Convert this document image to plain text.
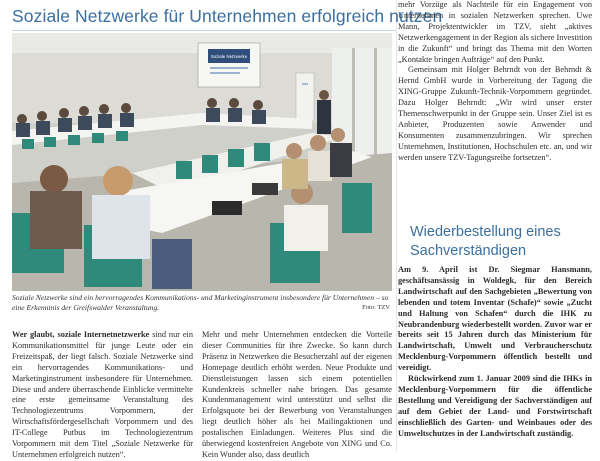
Soziale Netzwerke für Unternehmen erfolgreich nutzen
Soziale Netzwerke
nds
Soziale Netzwerke sind ein hervorragendes Kommunikations- und Marketinginstrument insbesondere für Unternehmen – so eine Erkenntnis der Greifswalder Veranstaltung.	Foto: TZV

Wer glaubt, soziale Internetnetzwerke sind nur ein Kommunikationsmittel für junge Leute oder ein Freizeitspaß, der liegt falsch. Soziale Netzwerke sind ein hervorragendes Kommunikations- und Marketinginstrument insbesondere für Unternehmen. Diese und andere überraschende Einblicke vermittelte eine erste gemeinsame Veranstaltung des Technologiezentrums Vorpommern, der Wirtschaftsfördergesellschaft Vorpommern und des IT-College Putbus im Technologiezentrum Vorpommern mit dem Titel „Soziale Netzwerke für Unternehmen erfolgreich nutzen“.

Mehr und mehr Unternehmen entdecken die Vorteile dieser Communities für ihre Zwecke. So kann durch Präsenz in Netzwerken die Besucherzahl auf der eigenen Homepage deutlich erhöht werden. Neue Produkte und Dienstleistungen lassen sich einem potentiellen Kundenkreis schneller nahe bringen. Das gesamte Kundenmanagement wird unterstützt und selbst die Erfolgsquote bei der Bewerbung von Veranstaltungen liegt deutlich höher als bei Mailingaktionen und postalischen Einladungen. Weiteres Plus sind die überwiegend kostenfreien Angebote von XING und Co. Kein Wunder also, dass deutlich

mehr Vorzüge als Nachteile für ein Engagement von Unternehmen in sozialen Netzwerken sprechen. Uwe Mann, Projektentwickler im TZV, sieht „aktives Netzwerkengagement in der Region als sichere Investition in die Zukunft“ und bringt das Thema mit den Worten „Kontakte bringen Aufträge“ auf den Punkt.

Gemeinsam mit Holger Behrndt von der Behrndt & Hernd GmbH wurde in Vorbereitung der Tagung die XING-Gruppe Zukunft-Technik-Vorpommern gegründet. Dazu Holger Behrndt: „Wir wird unser erster Themenschwerpunkt in der Gruppe sein. Unser Ziel ist es Anbieter, Produzenten sowie Anwender und Konsumenten zusammenzubringen. Wir sprechen Unternehmen, Institutionen, Hochschulen etc. an, und wir werden unsere TZV-Tagungsreihe fortsetzen“.

Wiederbestellung eines Sachverständigen

Am 9. April ist Dr. Siegmar Hansmann, geschäftsansässig in Woldegk, für den Bereich Landwirtschaft auf den Sachgebieten „Bewertung von lebenden und totem Inventar (Schafe)“ sowie „Zucht und Haltung von Schafen“ durch die IHK zu Neubrandenburg wiederbestellt worden. Zuvor war er bereits seit 15 Jahren durch das Ministerium für Landwirtschaft, Umwelt und Verbraucherschutz Mecklenburg-Vorpommern öffentlich bestellt und vereidigt.

Rückwirkend zum 1. Januar 2009 sind die IHKs in Mecklenburg-Vorpommern für die öffentliche Bestellung und Vereidigung der Sachverständigen auf auf dem Gebiet der Land- und Forstwirtschaft einschließlich des Garten- und Weinbaues oder des Umweltschutzes in der Landwirtschaft zuständig.
